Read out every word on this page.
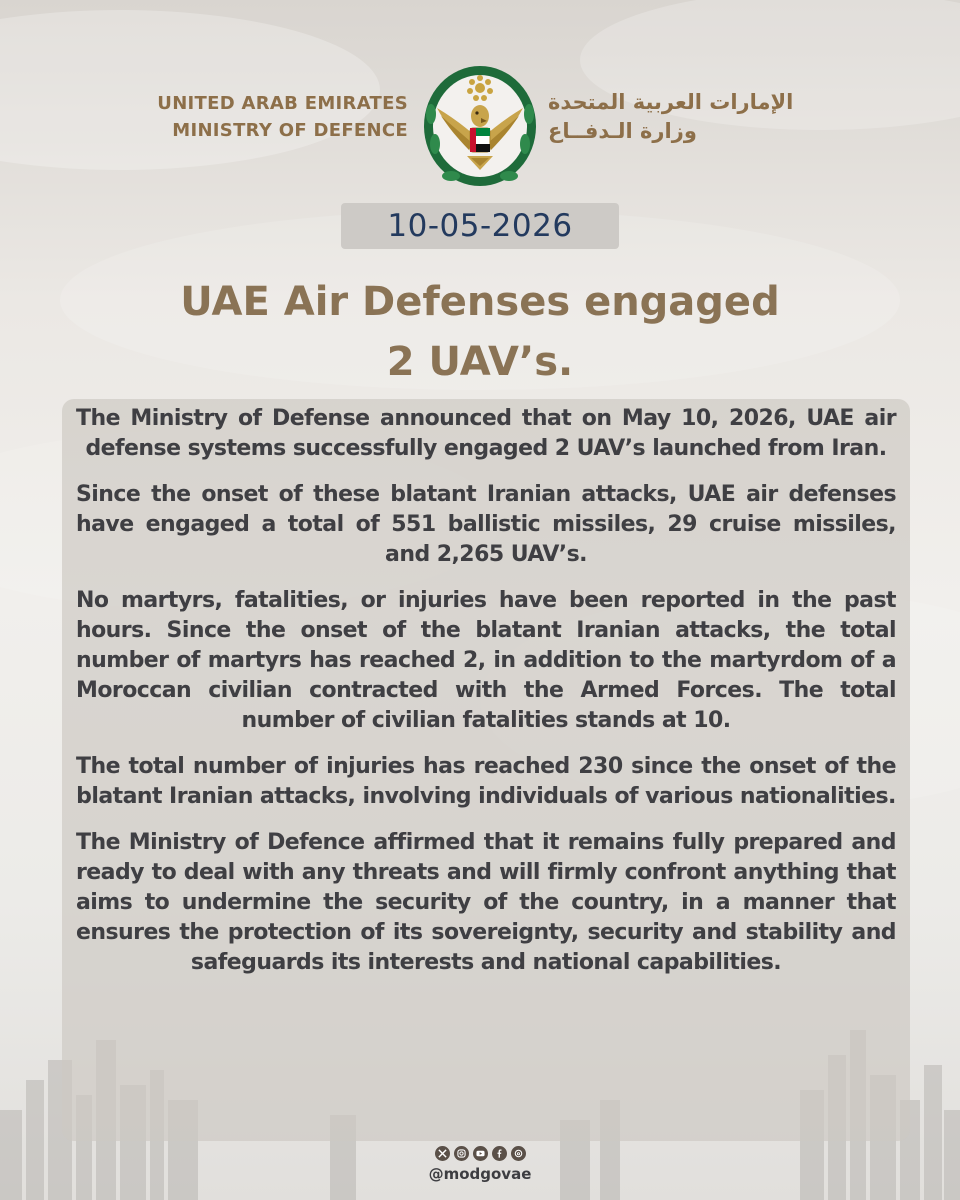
UNITED ARAB EMIRATES
MINISTRY OF DEFENCE
الإمارات العربية المتحدة
وزارة الـدفــاع
10-05-2026
UAE Air Defenses engaged
2 UAV’s.

The Ministry of Defense announced that on May 10, 2026, UAE air defense systems successfully engaged 2 UAV’s launched from Iran.

Since the onset of these blatant Iranian attacks, UAE air defenses have engaged a total of 551 ballistic missiles, 29 cruise missiles, and 2,265 UAV’s.

No martyrs, fatalities, or injuries have been reported in the past hours. Since the onset of the blatant Iranian attacks, the total number of martyrs has reached 2, in addition to the martyrdom of a Moroccan civilian contracted with the Armed Forces. The total number of civilian fatalities stands at 10.

The total number of injuries has reached 230 since the onset of the blatant Iranian attacks, involving individuals of various nationalities.

The Ministry of Defence affirmed that it remains fully prepared and ready to deal with any threats and will firmly confront anything that aims to undermine the security of the country, in a manner that ensures the protection of its sovereignty, security and stability and safeguards its interests and national capabilities.

@modgovae
